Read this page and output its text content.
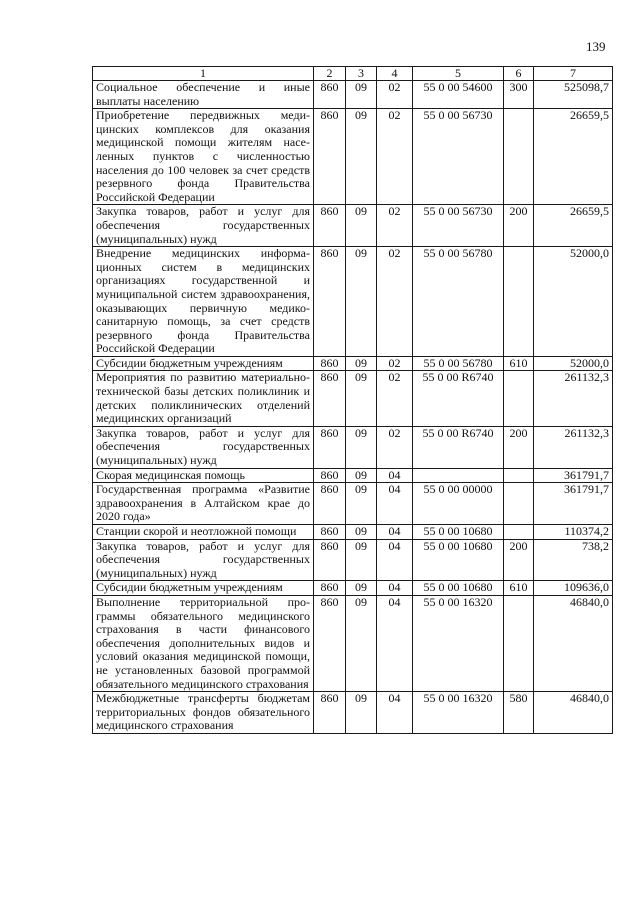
139
1	2	3	4	5	6	7
Социальное обеспечение и иные выплаты населению	860	09	02	55 0 00 54600	300	525098,7
Приобретение передвижных медицинских комплексов для оказания медицинской помощи жителям населенных пунктов с численностью населения до 100 человек за счет средств резервного фонда Правительства Российской Федерации	860	09	02	55 0 00 56730		26659,5
Закупка товаров, работ и услуг для обеспечения государственных (муниципальных) нужд	860	09	02	55 0 00 56730	200	26659,5
Внедрение медицинских информационных систем в медицинских организациях государственной и муниципальной систем здравоохранения, оказывающих первичную медико-санитарную помощь, за счет средств резервного фонда Правительства Российской Федерации	860	09	02	55 0 00 56780		52000,0
Субсидии бюджетным учреждениям	860	09	02	55 0 00 56780	610	52000,0
Мероприятия по развитию материально-технической базы детских поликлиник и детских поликлинических отделений медицинских организаций	860	09	02	55 0 00 R6740		261132,3
Закупка товаров, работ и услуг для обеспечения государственных (муниципальных) нужд	860	09	02	55 0 00 R6740	200	261132,3
Скорая медицинская помощь	860	09	04			361791,7
Государственная программа «Развитие здравоохранения в Алтайском крае до 2020 года»	860	09	04	55 0 00 00000		361791,7
Станции скорой и неотложной помощи	860	09	04	55 0 00 10680		110374,2
Закупка товаров, работ и услуг для обеспечения государственных (муниципальных) нужд	860	09	04	55 0 00 10680	200	738,2
Субсидии бюджетным учреждениям	860	09	04	55 0 00 10680	610	109636,0
Выполнение территориальной программы обязательного медицинского страхования в части финансового обеспечения дополнительных видов и условий оказания медицинской помощи, не установленных базовой программой обязательного медицинского страхования	860	09	04	55 0 00 16320		46840,0
Межбюджетные трансферты бюджетам территориальных фондов обязательного медицинского страхования	860	09	04	55 0 00 16320	580	46840,0
